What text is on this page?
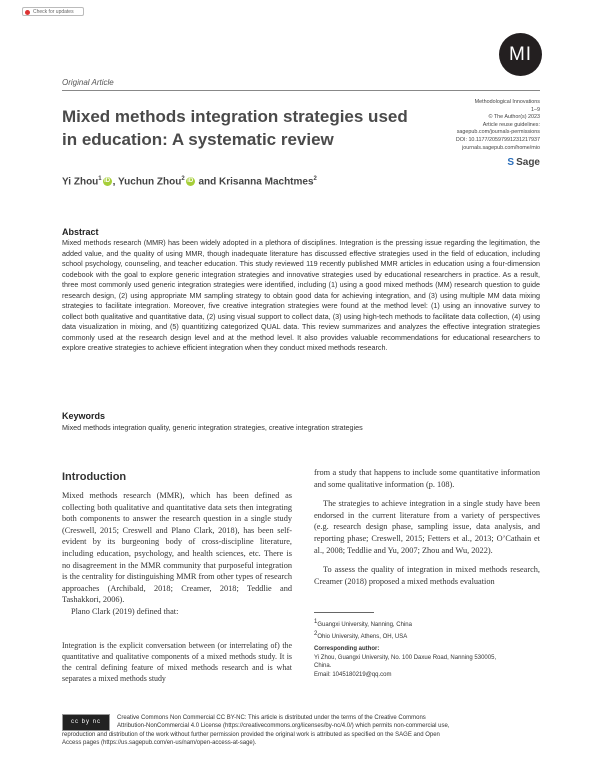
Check for updates
MI
Original Article
Mixed methods integration strategies used
in education: A systematic review
Methodological Innovations
1–9
© The Author(s) 2023
Article reuse guidelines:
sagepub.com/journals-permissions
DOI: 10.1177/20597991231217937
journals.sagepub.com/home/mio
S Sage
Yi Zhou$^1$ iD , Yuchun Zhou$^2$ iD and Krisanna Machtmes$^2$
Abstract
Mixed methods research (MMR) has been widely adopted in a plethora of disciplines. Integration is the pressing issue regarding the legitimation, the added value, and the quality of using MMR, though inadequate literature has discussed effective strategies used in the field of education, including school psychology, counseling, and teacher education. This study reviewed 119 recently published MMR articles in education using a four-dimension codebook with the goal to explore generic integration strategies and innovative strategies used by educational researchers in practice. As a result, three most commonly used generic integration strategies were identified, including (1) using a good mixed methods (MM) research question to guide research design, (2) using appropriate MM sampling strategy to obtain good data for achieving integration, and (3) using multiple MM data mixing strategies to facilitate integration. Moreover, five creative integration strategies were found at the method level: (1) using an innovative survey to collect both qualitative and quantitative data, (2) using visual support to collect data, (3) using high-tech methods to facilitate data collection, (4) using data visualization in mixing, and (5) quantitizing categorized QUAL data. This review summarizes and analyzes the effective integration strategies commonly used at the research design level and at the method level. It also provides valuable recommendations for educational researchers to explore creative strategies to achieve efficient integration when they conduct mixed methods research.
Keywords
Mixed methods integration quality, generic integration strategies, creative integration strategies
Introduction

Mixed methods research (MMR), which has been defined as collecting both qualitative and quantitative data sets then integrating both components to answer the research question in a single study (Creswell, 2015; Creswell and Plano Clark, 2018), has been self-evident by its burgeoning body of cross-discipline literature, including education, psychology, and health sciences, etc. There is no disagreement in the MMR community that purposeful integration is the centrality for distinguishing MMR from other types of research approaches (Archibald, 2018; Creamer, 2018; Teddlie and Tashakkori, 2006).

Plano Clark (2019) defined that:

Integration is the explicit conversation between (or interrelating of) the quantitative and qualitative components of a mixed methods study. It is the central defining feature of mixed methods research and is what separates a mixed methods study

from a study that happens to include some quantitative information and some qualitative information (p. 108).

The strategies to achieve integration in a single study have been endorsed in the current literature from a variety of perspectives (e.g. research design phase, sampling issue, data analysis, and reporting phase; Creswell, 2015; Fetters et al., 2013; O’Cathain et al., 2008; Teddlie and Yu, 2007; Zhou and Wu, 2022).

To assess the quality of integration in mixed methods research, Creamer (2018) proposed a mixed methods evaluation

$^1$Guangxi University, Nanning, China
$^2$Ohio University, Athens, OH, USA
Corresponding author:
Yi Zhou, Guangxi University, No. 100 Daxue Road, Nanning 530005,
China.
Email: 1045180219@qq.com
cc by nc
Creative Commons Non Commercial CC BY-NC: This article is distributed under the terms of the Creative Commons
Attribution-NonCommercial 4.0 License (https://creativecommons.org/licenses/by-nc/4.0/) which permits non-commercial use,
reproduction and distribution of the work without further permission provided the original work is attributed as specified on the SAGE and Open
Access pages (https://us.sagepub.com/en-us/nam/open-access-at-sage).
